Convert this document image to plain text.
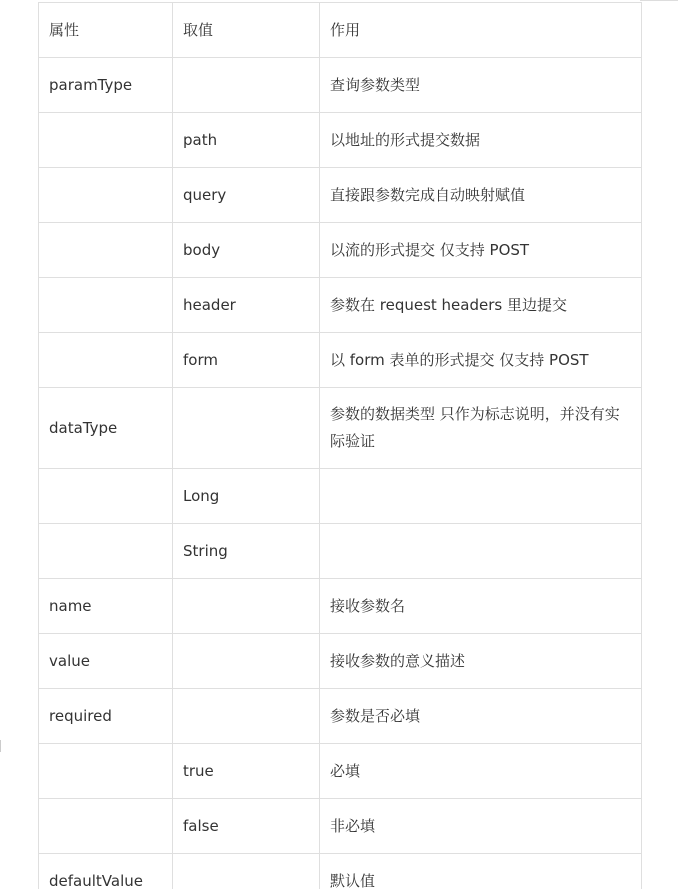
属性	取值	作用
paramType		查询参数类型
	path	以地址的形式提交数据
	query	直接跟参数完成自动映射赋值
	body	以流的形式提交 仅支持 POST
	header	参数在 request headers 里边提交
	form	以 form 表单的形式提交 仅支持 POST
dataType		参数的数据类型 只作为标志说明，并没有实际验证
	Long	
	String	
name		接收参数名
value		接收参数的意义描述
required		参数是否必填
	true	必填
	false	非必填
defaultValue		默认值
